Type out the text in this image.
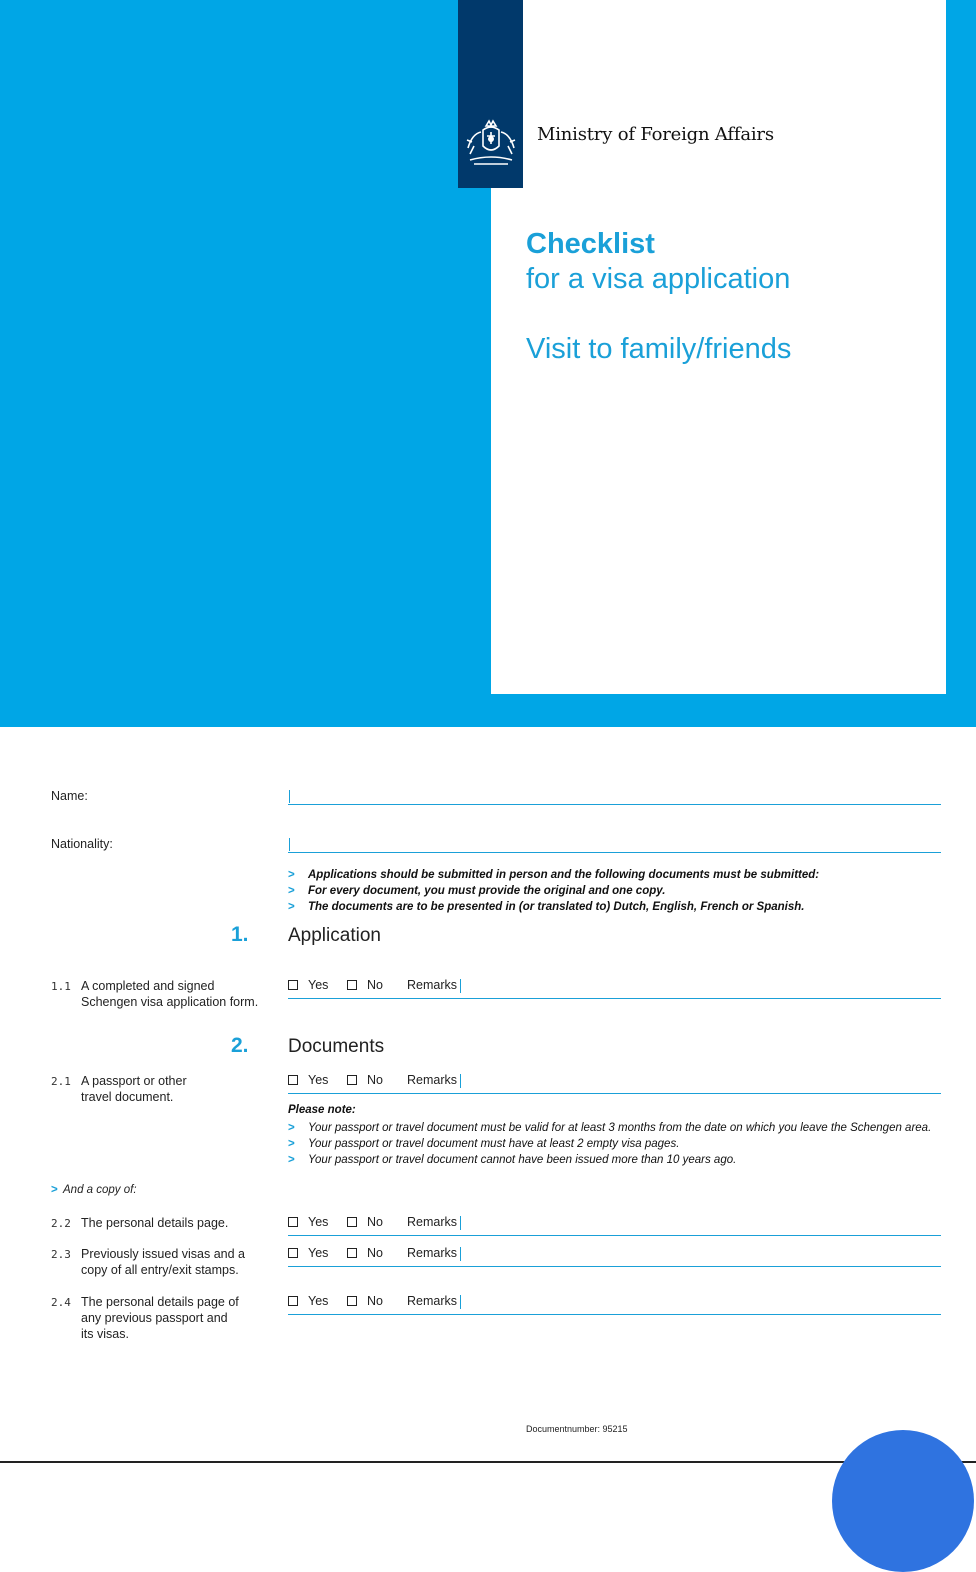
Ministry of Foreign Affairs
Checklist
for a visa application
Visit to family/friends
Name:
Nationality:
> Applications should be submitted in person and the following documents must be submitted:
> For every document, you must provide the original and one copy.
> The documents are to be presented in (or translated to) Dutch, English, French or Spanish.
1. Application
1.1 A completed and signed
Schengen visa application form.
Yes	No Remarks
2. Documents
2.1 A passport or other
travel document.
Yes	No Remarks
Please note:
> Your passport or travel document must be valid for at least 3 months from the date on which you leave the Schengen area.
> Your passport or travel document must have at least 2 empty visa pages.
> Your passport or travel document cannot have been issued more than 10 years ago.
> And a copy of:
2.2 The personal details page.	Yes	No Remarks
2.3 Previously issued visas and a
copy of all entry/exit stamps.
Yes	No Remarks
2.4 The personal details page of
any previous passport and
its visas.
Yes	No Remarks
Documentnumber: 95215
